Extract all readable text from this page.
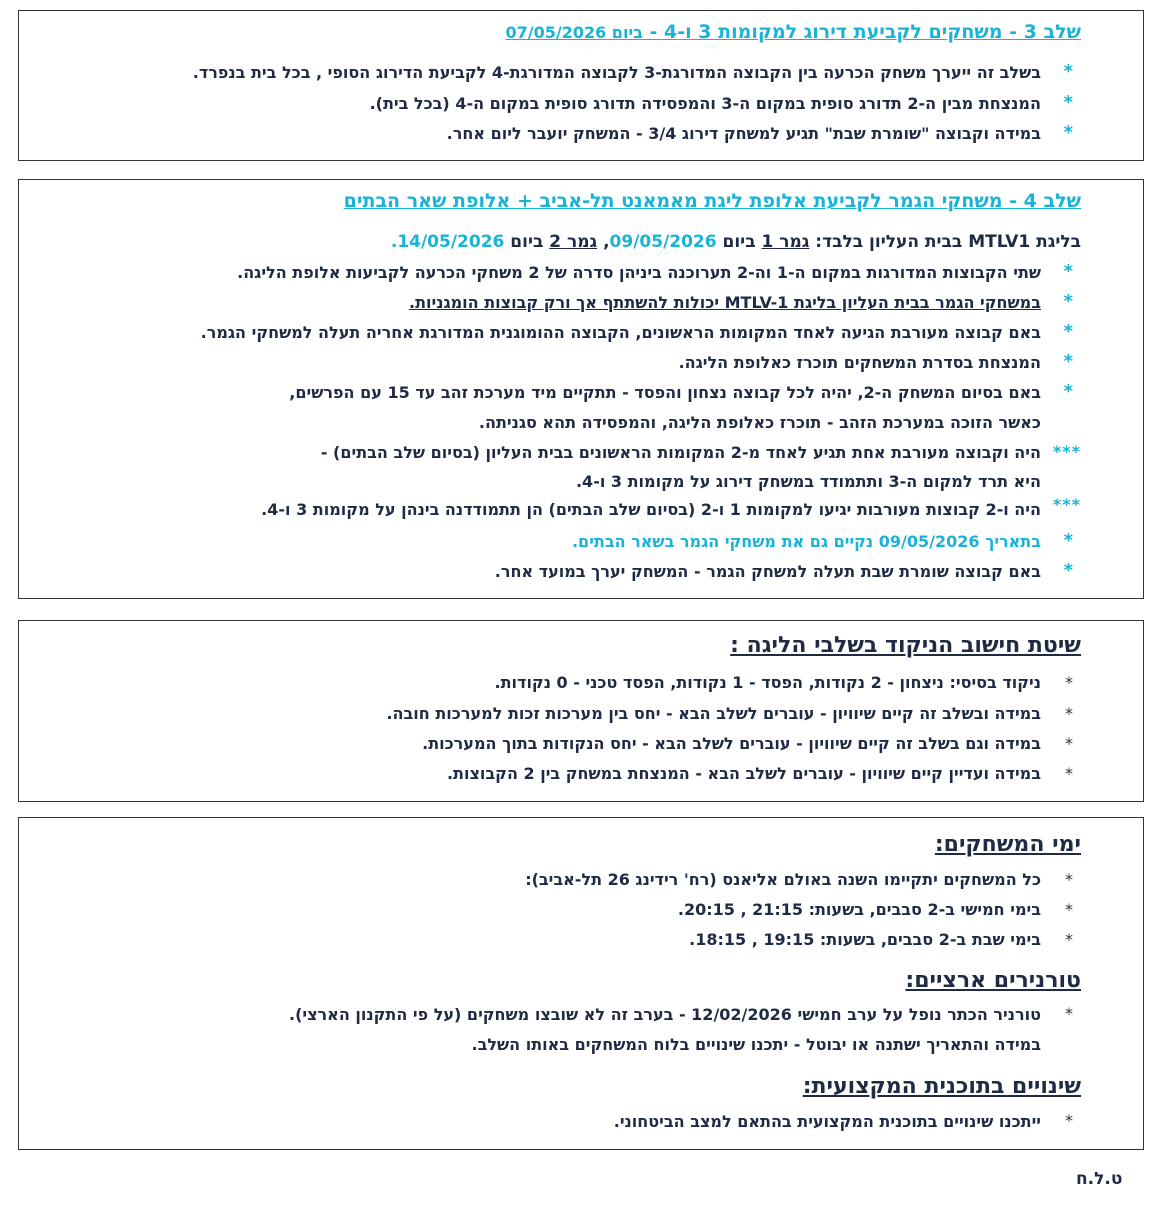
שלב 3 - משחקים לקביעת דירוג למקומות 3 ו-4 - ביום 07/05/2026
*
בשלב זה ייערך משחק הכרעה בין הקבוצה המדורגת-3 לקבוצה המדורגת-4 לקביעת הדירוג הסופי , בכל בית בנפרד.
*
המנצחת מבין ה-2 תדורג סופית במקום ה-3 והמפסידה תדורג סופית במקום ה-4 (בכל בית).
*
במידה וקבוצה "שומרת שבת" תגיע למשחק דירוג 3/4 - המשחק יועבר ליום אחר.
שלב 4 - משחקי הגמר לקביעת אלופת ליגת מאמאנט תל-אביב + אלופת שאר הבתים
בליגת MTLV1 בבית העליון בלבד: גמר 1 ביום 09/05/2026, גמר 2 ביום 14/05/2026.
*
שתי הקבוצות המדורגות במקום ה-1 וה-2 תערוכנה ביניהן סדרה של 2 משחקי הכרעה לקביעות אלופת הליגה.
*
במשחקי הגמר בבית העליון בליגת MTLV-1 יכולות להשתתף אך ורק קבוצות הומגניות.
*
באם קבוצה מעורבת הגיעה לאחד המקומות הראשונים, הקבוצה ההומוגנית המדורגת אחריה תעלה למשחקי הגמר.
*
המנצחת בסדרת המשחקים תוכרז כאלופת הליגה.
*
באם בסיום המשחק ה-2, יהיה לכל קבוצה נצחון והפסד - תתקיים מיד מערכת זהב עד 15 עם הפרשים,
כאשר הזוכה במערכת הזהב - תוכרז כאלופת הליגה, והמפסידה תהא סגניתה.
***
היה וקבוצה מעורבת אחת תגיע לאחד מ-2 המקומות הראשונים בבית העליון (בסיום שלב הבתים) -
היא תרד למקום ה-3 ותתמודד במשחק דירוג על מקומות 3 ו-4.
***
היה ו-2 קבוצות מעורבות יגיעו למקומות 1 ו-2 (בסיום שלב הבתים) הן תתמודדנה בינהן על מקומות 3 ו-4.
*
בתאריך 09/05/2026 נקיים גם את משחקי הגמר בשאר הבתים.
*
באם קבוצה שומרת שבת תעלה למשחק הגמר - המשחק יערך במועד אחר.
שיטת חישוב הניקוד בשלבי הליגה :
*
ניקוד בסיסי: ניצחון - 2 נקודות, הפסד - 1 נקודות, הפסד טכני - 0 נקודות.
*
במידה ובשלב זה קיים שיוויון - עוברים לשלב הבא - יחס בין מערכות זכות למערכות חובה.
*
במידה וגם בשלב זה קיים שיוויון - עוברים לשלב הבא - יחס הנקודות בתוך המערכות.
*
במידה ועדיין קיים שיוויון - עוברים לשלב הבא - המנצחת במשחק בין 2 הקבוצות.
ימי המשחקים:
*
כל המשחקים יתקיימו השנה באולם אליאנס (רח' רידינג 26 תל-אביב):
*
בימי חמישי ב-2 סבבים, בשעות: 21:15 , 20:15.
*
בימי שבת ב-2 סבבים, בשעות: 19:15 , 18:15.
טורנירים ארציים:
*
טורניר הכתר נופל על ערב חמישי 12/02/2026 - בערב זה לא שובצו משחקים (על פי התקנון הארצי).
במידה והתאריך ישתנה או יבוטל - יתכנו שינויים בלוח המשחקים באותו השלב.
שינויים בתוכנית המקצועית:
*
ייתכנו שינויים בתוכנית המקצועית בהתאם למצב הביטחוני.
ט.ל.ח
